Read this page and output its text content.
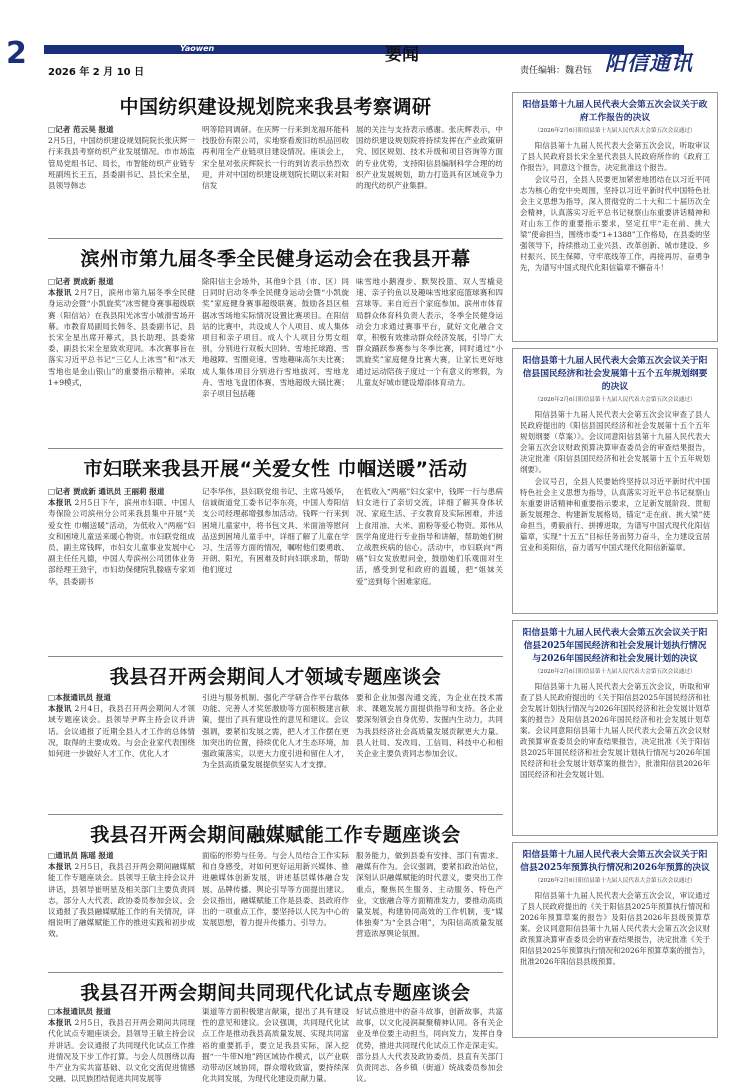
2	Yaowen	要闻
2026 年 2 月 10 日	责任编辑：魏君钰 阳信通讯
中国纺织建设规划院来我县考察调研
□记者 范云昊 报道
2月5日，中国纺织建设规划院院长张庆辉一行来我县考察纺织产业发展情况。市市场监管局党组书记、局长，市智能纺织产业链专班副班长王五，县委副书记、县长宋全星，县领导韩志
明等陪同调研。在庆辉一行来到龙福环能科技股份有限公司，实地察看废旧纺织品回收再利用全产业链项目建设情况。座谈会上，宋全星对张庆辉院长一行的到访表示热烈欢迎，并对中国纺织建设规划院长期以来对阳信发
展的关注与支持表示感谢。张庆辉表示，中国纺织建设规划院将持续发挥在产业政策研究、园区规划、技术升级和项目咨询等方面的专业优势，支持阳信县编制科学合理的纺织产业发展规划，助力打造具有区域竞争力的现代纺织产业集群。
滨州市第九届冬季全民健身运动会在我县开幕
□记者 贾成新 报道
本报讯 2月7日，滨州市第九届冬季全民健身运动会暨“小凯旋奖”冰雪健身赛事超级联赛（阳信站）在我县阳光冰雪小城滑雪场开幕。市教育局副局长韩冬、县委副书记、县长宋全星出席开幕式，县长助理、县委常委、副县长宋全星致欢迎词。本次赛事旨在落实习近平总书记“三亿人上冰雪”和“冰天雪地也是金山银山”的重要指示精神。采取1+9模式，
除阳信主会场外，其他9个县（市、区）同日同时启动冬季全民健身运动会暨“小凯旋奖”家庭健身赛事超级联赛。鼓励各县区根据冰雪场地实际情况设置比赛项目。在阳信站的比赛中，共设成人个人项目、成人集体项目和亲子项目。成人个人项目分男女组别，分别进行双板大回转、雪地托球跑、雪地越障、雪圈竞速、雪地趣味高尔夫比赛；成人集体项目分别进行雪地拔河、雪地龙舟、雪地飞盘团体赛、雪地超级大锅比赛；亲子项目包括趣
味雪地小鹅漫步、默契投篮、双人雪橇竞速、亲子钓鱼以及趣味雪地家庭篮球赛和四宫球等。来自近百个家庭参加。滨州市体育局群众体育科负责人表示，冬季全民健身运动会力求通过赛事平台，就好文化融合文章，积极有效推动群众经济发展，引导广大群众踊跃参赛参与冬季比赛，同时通过“小凯旋奖”家庭健身比赛大赛，让家长更好地通过运动陪孩子度过一个有意义的寒假，为儿童友好城市建设增添体育动力。
市妇联来我县开展“关爱女性 巾帼送暖”活动
□记者 贾成新 通讯员 王丽莉 报道
本报讯 2月5日下午，滨州市妇联、中国人寿保险公司滨州分公司来我县集中开展“关爱女性 巾帼送暖”活动，为低收入“两癌”妇女和困境儿童送来暖心物资。市妇联党组成员、副主席钱晖，市妇女儿童事业发展中心副主任任凡德，中国人寿滨州公司团体业务部经理王劲宇，市妇幼保健院乳腺癌专家刘华，县委副书
记李华伟，县妇联党组书记、主席马媛华，信诚街道党工委书记李东亮，中国人寿阳信支公司经理郝增强参加活动。钱晖一行来到困境儿童家中，将书包文具、米面油等慰问品送到困境儿童手中，详细了解了儿童在学习、生活等方面的情况，嘱咐他们要勇敢、开朗、阳光，有困难及时向妇联求助，帮助他们度过
在低收入“两癌”妇女家中，钱晖一行与患病妇女进行了亲切交流，详细了解其身体状况、家庭生活、子女教育及实际困难，并送上食用油、大米、面粉等爱心物资。郑伟从医学角度进行专业指导和讲解，帮助她们树立战胜疾病的信心。活动中，市妇联向“两癌”妇女发放慰问金，鼓励她们乐观面对生活，感受到党和政府的温暖，把“姐妹关爱”送到每个困难家庭。
我县召开两会期间人才领域专题座谈会
□本报通讯员 报道
本报讯 2月4日，我县召开两会期间人才领域专题座谈会。县领导尹晖主持会议并讲话。会议通报了近期全县人才工作的总体情况，取得的主要成效。与会企业家代表围绕如何进一步做好人才工作、优化人才
引进与服务机制、强化产学研合作平台载体功能、完善人才奖惩激励等方面积极建言献策，提出了具有建设性的意见和建议。会议强调，要紧扣发展之需，把人才工作摆在更加突出的位置，持续优化人才生态环境，加强政策落实，以更大力度引进和留住人才，为全县高质量发展提供坚实人才支撑。
要和企业加强沟通交流，为企业在技术需求、课题发展方面提供指导和支持。各企业要深刻领会自身优势、发掘内生动力，共同为我县经济社会高质量发展贡献更大力量。县人社局、发改局、工信局、科技中心和相关企业主要负责同志参加会议。
我县召开两会期间融媒赋能工作专题座谈会
□通讯员 陈瑶 报道
本报讯 2月5日，我县召开两会期间融媒赋能工作专题座谈会。县领导王敏主持会议并讲话，县领导崔明星及相关部门主要负责同志，部分人大代表、政协委员参加会议。会议通报了我县融媒赋能工作的有关情况，详细说明了融媒赋能工作的推进实践和初步成效。
面临的形势与任务。与会人员结合工作实际和自身感受，对如何更好运用新兴媒体、推进融媒体创新发展，讲述基层媒体融合发展、品牌传播、舆论引导等方面提出建议。会议指出，融媒赋能工作是县委、县政府作出的一项重点工作，要坚持以人民为中心的发展思想，着力提升传播力、引导力。
服务能力，做到县委有安排、部门有需求、融媒有作为。会议强调，要紧扣政治站位，深刻认识融媒赋能的时代意义，要突出工作重点，聚焦民生服务、主动服务、特色产业，文旅融合等方面精准发力，要推动高质量发展，构建协同高效的工作机制，变“媒体独奏”为“全县合唱”，为阳信高质量发展营造浓厚舆论氛围。
我县召开两会期间共同现代化试点专题座谈会
□本报通讯员 报道
本报讯 2月5日，我县召开两会期间共同现代化试点专题座谈会。县领导王敏主持会议并讲话。会议通报了共同现代化试点工作推进情况及下步工作打算。与会人员围绕以海牛产业为实共富基础、以文化交流促进情感交融、以民族团结促进共同发展等
渠道等方面积极建言献策，提出了具有建设性的意见和建议。会议强调，共同现代化试点工作是推动我县高质量发展、实现共同富裕的重要抓手，要立足我县实际，深入挖掘“一牛带N地”跨区域协作模式，以产业联动带动区域协同，群众增收致富，要持续深化共同发展，为现代化建设贡献力量。
好试点推进中的奋斗故事，创新故事，共富故事，以文化浸润凝聚精神认同。各有关企业及单位要主动担当，同向发力，发挥自身优势，推进共同现代化试点工作走深走实。部分县人大代表及政协委员、县直有关部门负责同志、各乡镇（街道）统战委员参加会议。
阳信县第十九届人民代表大会第五次会议关于政府工作报告的决议
（2026年2月6日阳信县第十九届人民代表大会第五次会议通过）
阳信县第十九届人民代表大会第五次会议，听取审议了县人民政府县长宋全星代表县人民政府所作的《政府工作报告》，同意这个报告，决定批准这个报告。
会议号召，全县人民要更加紧密地团结在以习近平同志为核心的党中央周围，坚持以习近平新时代中国特色社会主义思想为指导，深入贯彻党的二十大和二十届历次全会精神，认真落实习近平总书记视察山东重要讲话精神和对山东工作的重要指示要求，坚定扛牢“走在前、挑大梁”使命担当，围绕市委“1+1388”工作格局，在县委的坚强领导下，持续推动工业兴县、改革创新、城市建设、乡村振兴、民生保障、守牢底线等工作，再接再厉、奋勇争先，为谱写中国式现代化阳信篇章不懈奋斗！
阳信县第十九届人民代表大会第五次会议关于阳信县国民经济和社会发展第十五个五年规划纲要的决议
（2026年2月6日阳信县第十九届人民代表大会第五次会议通过）
阳信县第十九届人民代表大会第五次会议审查了县人民政府提出的《阳信县国民经济和社会发展第十五个五年规划纲要（草案）》。会议同意阳信县第十九届人民代表大会第五次会议财政预算决算审查委员会的审查结果报告，决定批准《阳信县国民经济和社会发展第十五个五年规划纲要》。
会议号召，全县人民要始终坚持以习近平新时代中国特色社会主义思想为指导，认真落实习近平总书记视察山东重要讲话精神和重要指示要求，立足新发展阶段、贯彻新发展理念、构建新发展格局，锚定“走在前、挑大梁”使命担当，勇毅前行、拼搏进取，为谱写中国式现代化阳信篇章，实现“十五五”目标任务而努力奋斗，全力建设宜居宜业和美阳信，奋力谱写中国式现代化阳信新篇章。
阳信县第十九届人民代表大会第五次会议关于阳信县2025年国民经济和社会发展计划执行情况与2026年国民经济和社会发展计划的决议
（2026年2月6日阳信县第十九届人民代表大会第五次会议通过）
阳信县第十九届人民代表大会第五次会议，听取和审查了县人民政府提出的《关于阳信县2025年国民经济和社会发展计划执行情况与2026年国民经济和社会发展计划草案的报告》及阳信县2026年国民经济和社会发展计划草案。会议同意阳信县第十九届人民代表大会第五次会议财政预算审查委员会的审查结果报告，决定批准《关于阳信县2025年国民经济和社会发展计划执行情况与2026年国民经济和社会发展计划草案的报告》，批准阳信县2026年国民经济和社会发展计划。
阳信县第十九届人民代表大会第五次会议关于阳信县2025年预算执行情况和2026年预算的决议
（2026年2月6日阳信县第十九届人民代表大会第五次会议通过）
阳信县第十九届人民代表大会第五次会议，审议通过了县人民政府提出的《关于阳信县2025年预算执行情况和2026年预算草案的报告》及阳信县2026年县级预算草案。会议同意阳信县第十九届人民代表大会第五次会议财政预算决算审查委员会的审查结果报告，决定批准《关于阳信县2025年预算执行情况和2026年预算草案的报告》，批准2026年阳信县县级预算。
